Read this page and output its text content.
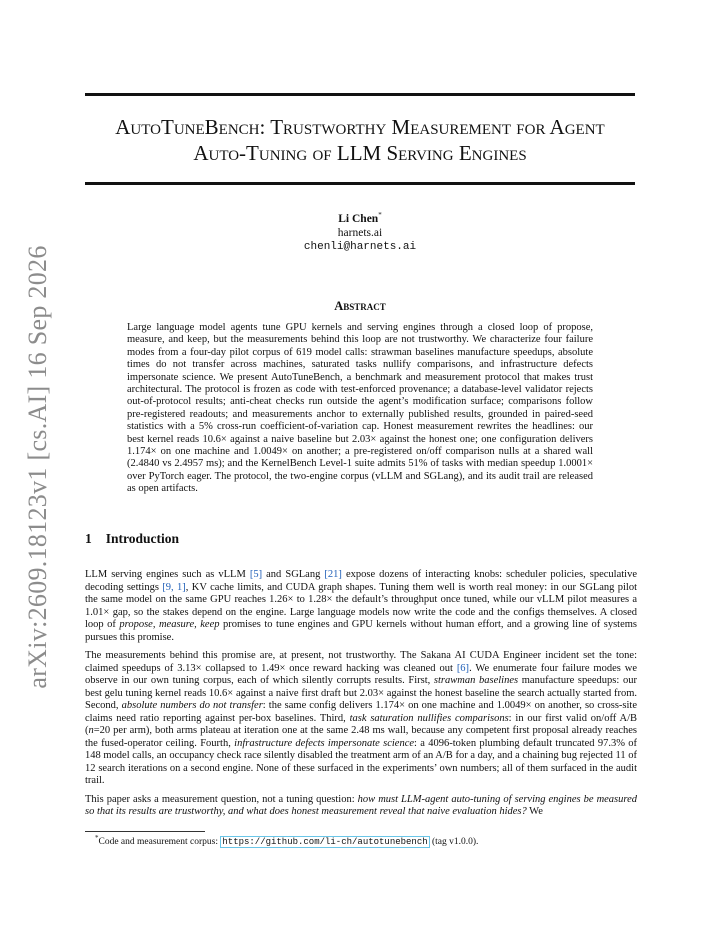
arXiv:2609.18123v1 [cs.AI] 16 Sep 2026
AutoTuneBench: Trustworthy Measurement for Agent
Auto-Tuning of LLM Serving Engines
Li Chen*
harnets.ai
chenli@harnets.ai
Abstract

Large language model agents tune GPU kernels and serving engines through a closed loop of propose, measure, and keep, but the measurements behind this loop are not trustworthy. We characterize four failure modes from a four-day pilot corpus of 619 model calls: strawman baselines manufacture speedups, absolute times do not transfer across machines, saturated tasks nullify comparisons, and infrastructure defects impersonate science. We present AutoTuneBench, a benchmark and measurement protocol that makes trust architectural. The protocol is frozen as code with test-enforced provenance; a database-level validator rejects out-of-protocol results; anti-cheat checks run outside the agent’s modification surface; comparisons follow pre-registered readouts; and measurements anchor to externally published results, grounded in paired-seed statistics with a 5% cross-run coefficient-of-variation cap. Honest measurement rewrites the headlines: our best kernel reads 10.6× against a naive baseline but 2.03× against the honest one; one configuration delivers 1.174× on one machine and 1.0049× on another; a pre-registered on/off comparison nulls at a shared wall (2.4840 vs 2.4957 ms); and the KernelBench Level-1 suite admits 51% of tasks with median speedup 1.0001× over PyTorch eager. The protocol, the two-engine corpus (vLLM and SGLang), and its audit trail are released as open artifacts.

1 Introduction

LLM serving engines such as vLLM [5] and SGLang [21] expose dozens of interacting knobs: scheduler policies, speculative decoding settings [9, 1], KV cache limits, and CUDA graph shapes. Tuning them well is worth real money: in our SGLang pilot the same model on the same GPU reaches 1.26× to 1.28× the default’s throughput once tuned, while our vLLM pilot measures a 1.01× gap, so the stakes depend on the engine. Large language models now write the code and the configs themselves. A closed loop of propose, measure, keep promises to tune engines and GPU kernels without human effort, and a growing line of systems pursues this promise.

The measurements behind this promise are, at present, not trustworthy. The Sakana AI CUDA Engineer incident set the tone: claimed speedups of 3.13× collapsed to 1.49× once reward hacking was cleaned out [6]. We enumerate four failure modes we observe in our own tuning corpus, each of which silently corrupts results. First, strawman baselines manufacture speedups: our best gelu tuning kernel reads 10.6× against a naive first draft but 2.03× against the honest baseline the search actually started from. Second, absolute numbers do not transfer: the same config delivers 1.174× on one machine and 1.0049× on another, so cross-site claims need ratio reporting against per-box baselines. Third, task saturation nullifies comparisons: in our first valid on/off A/B (n=20 per arm), both arms plateau at iteration one at the same 2.48 ms wall, because any competent first proposal already reaches the fused-operator ceiling. Fourth, infrastructure defects impersonate science: a 4096-token plumbing default truncated 97.3% of 148 model calls, an occupancy check race silently disabled the treatment arm of an A/B for a day, and a chaining bug rejected 11 of 12 search iterations on a second engine. None of these surfaced in the experiments’ own numbers; all of them surfaced in the audit trail.

This paper asks a measurement question, not a tuning question: how must LLM-agent auto-tuning of serving engines be measured so that its results are trustworthy, and what does honest measurement reveal that naive evaluation hides? We

*Code and measurement corpus: https://github.com/li-ch/autotunebench (tag v1.0.0).
